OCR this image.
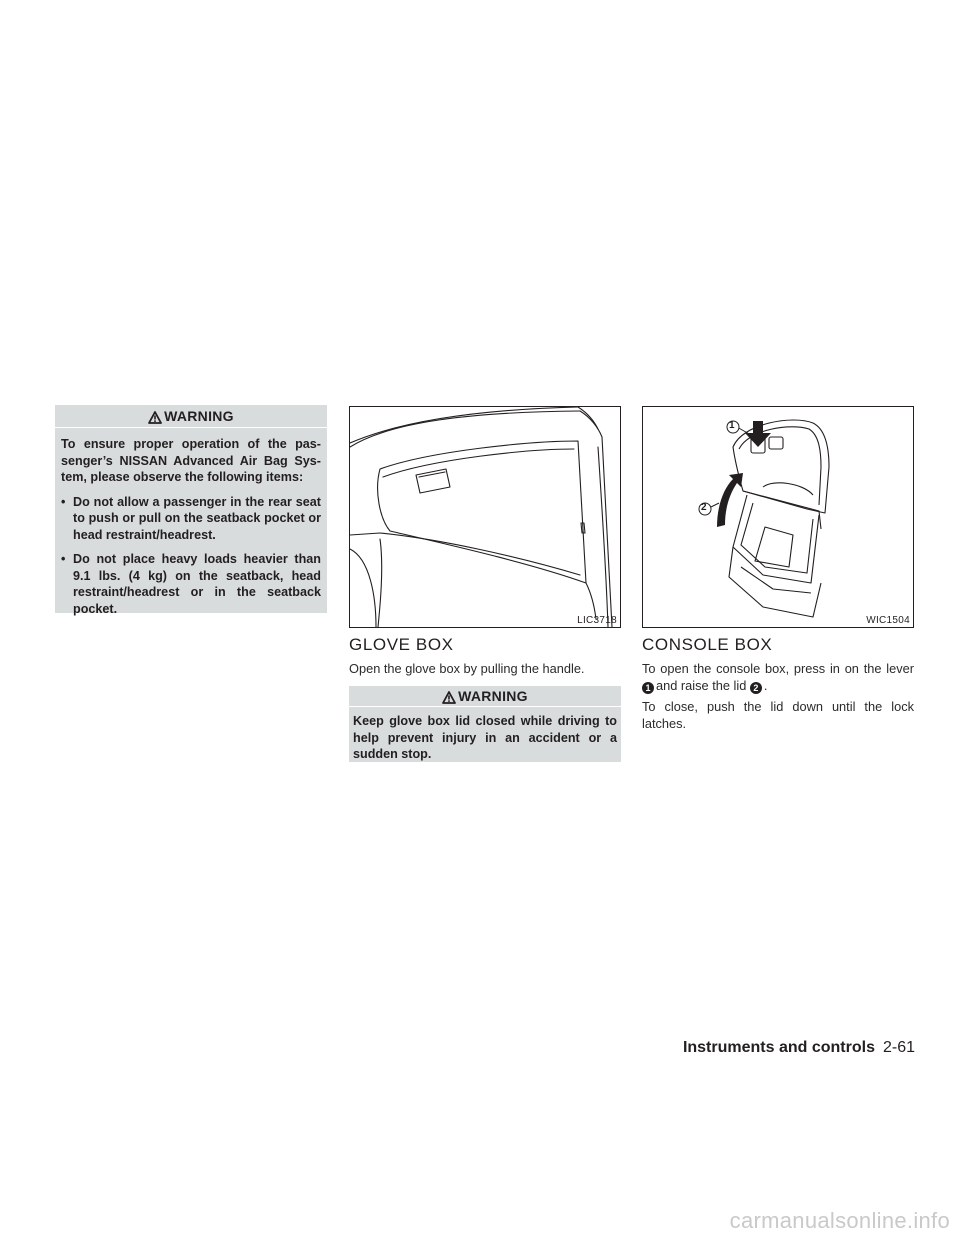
WARNING

To ensure proper operation of the pas- senger’s NISSAN Advanced Air Bag Sys- tem, please observe the following items:

• Do not allow a passenger in the rear seat to push or pull on the seatback pocket or head restraint/headrest.
• Do not place heavy loads heavier than 9.1 lbs. (4 kg) on the seatback, head restraint/headrest or in the seatback pocket.
LIC3718
1
2
WIC1504
GLOVE BOX

Open the glove box by pulling the handle.

WARNING

Keep glove box lid closed while driving to help prevent injury in an accident or a sudden stop.

CONSOLE BOX

To open the console box, press in on the lever 1 and raise the lid 2 .

To close, push the lid down until the lock latches.

Instruments and controls 2-61
carmanualsonline.info
